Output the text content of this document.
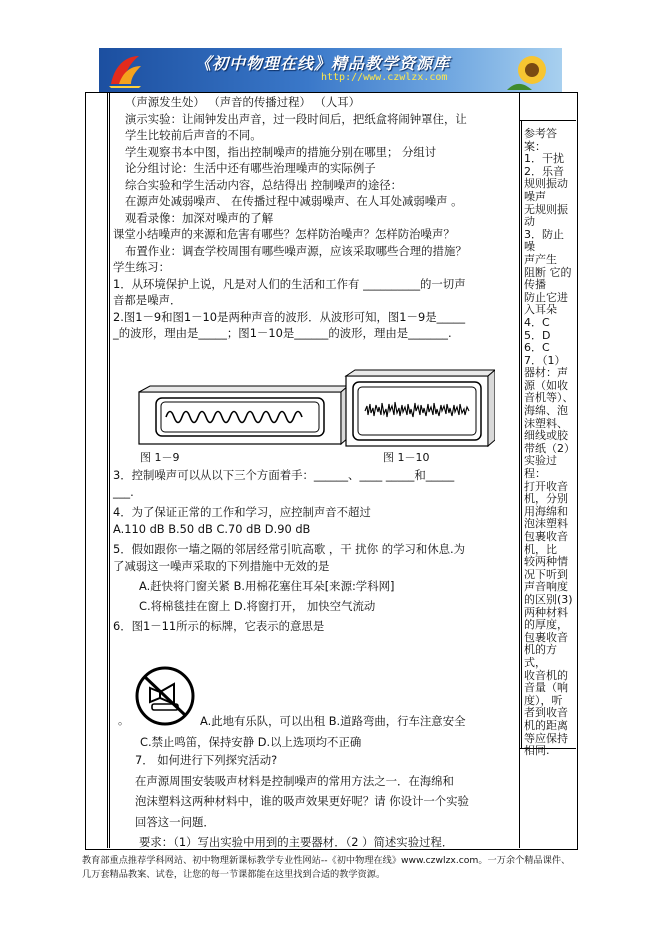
《初中物理在线》精品教学资源库
http://www.czwlzx.com

（声源发生处） （声音的传播过程） （人耳）

演示实验：让闹钟发出声音，过一段时间后，把纸盒将闹钟罩住，让

学生比较前后声音的不同。

学生观察书本中图，指出控制噪声的措施分别在哪里； 分组讨

论分组讨论：生活中还有哪些治理噪声的实际例子

综合实验和学生活动内容，总结得出 控制噪声的途径：

在源声处减弱噪声、 在传播过程中减弱噪声、在人耳处减弱噪声 。

观看录像：加深对噪声的了解

课堂小结噪声的来源和危害有哪些？怎样防治噪声？怎样防治噪声？

布置作业：调查学校周围有哪些噪声源，应该采取哪些合理的措施？

学生练习：

1．从环境保护上说，凡是对人们的生活和工作有 __________的一切声

音都是噪声．

2.图1－9和图1－10是两种声音的波形．从波形可知，图1－9是_____

_的波形，理由是_____；图1－10是______的波形，理由是_______.

图 1－9	图 1－10

3．控制噪声可以从以下三个方面着手：______、____ _____和_____

___.

4．为了保证正常的工作和学习，应控制声音不超过

A.110 dB B.50 dB C.70 dB D.90 dB

5．假如跟你一墙之隔的邻居经常引吭高歌 ，干 扰你 的学习和休息.为

了减弱这一噪声采取的下列措施中无效的是

A.赶快将门窗关紧 B.用棉花塞住耳朵[来源:学科网]

C.将棉毯挂在窗上 D.将窗打开， 加快空气流动

6．图1－11所示的标牌，它表示的意思是

A.此地有乐队，可以出租 B.道路弯曲，行车注意安全

C.禁止鸣笛，保持安静 D.以上选项均不正确

。

7． 如何进行下列探究活动?

在声源周围安装吸声材料是控制噪声的常用方法之一．在海绵和

泡沫塑料这两种材料中，谁的吸声效果更好呢？请 你设计一个实验

回答这一问题．

要求：（1）写出实验中用到的主要器材．（2 ）简述实验过程．

参考答案：
1．干扰
2．乐音
规则振动
噪声
无规则振
动
3．防止噪
声产生
阻断 它的
传播
防止它进
入耳朵
4．C
5．D
6．C
7．（1）
器材：声
源（如收
音机等）、
海绵、泡
沫塑料、
细线或胶
带纸（2）
实验过程：
打开收音
机，分别
用海绵和
泡沫塑料
包裹收音
机，比
较两种情
况下听到
声音响度
的区别(3)
两种材料
的厚度，
包裹收音
机的方式，
收音机的
音量（响
度），听
者到收音
机的距离
等应保持
相同.

教育部重点推荐学科网站、初中物理新课标教学专业性网站--《初中物理在线》www.czwlzx.com。一万余个精品课件、

几万套精品教案、试卷，让您的每一节课都能在这里找到合适的教学资源。
